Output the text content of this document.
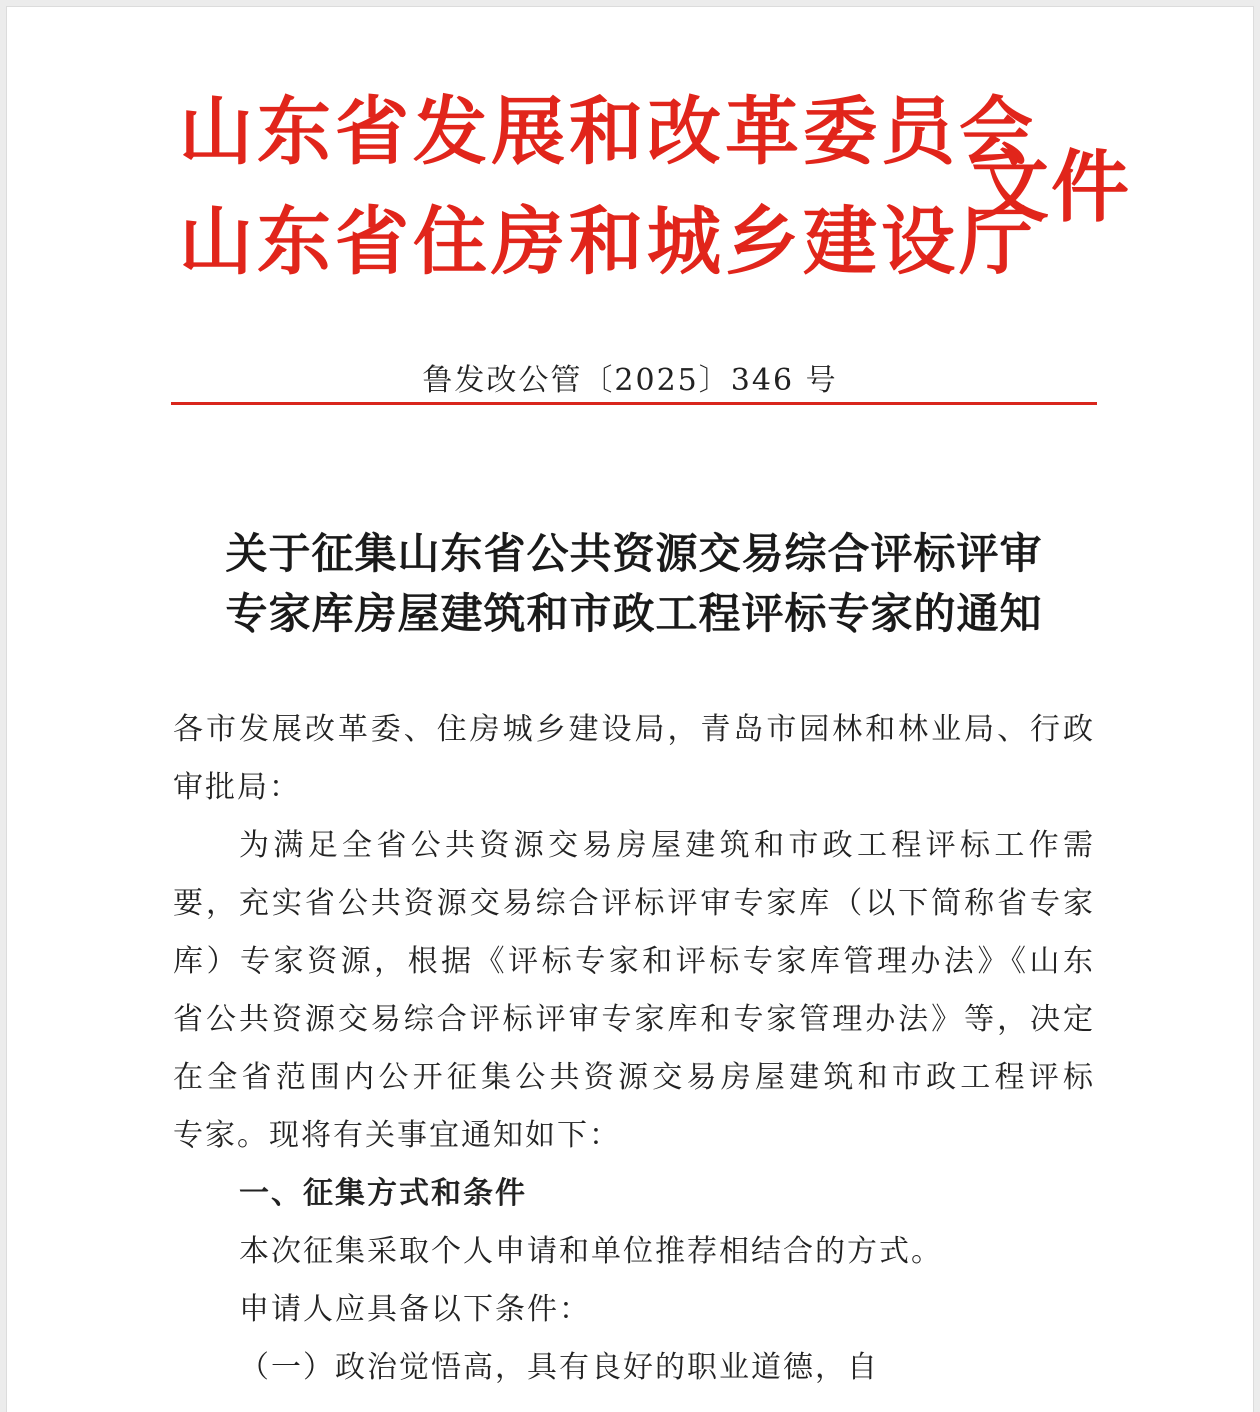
山东省发展和改革委员会
山东省住房和城乡建设厅
文件
鲁发改公管〔2025〕346 号
关于征集山东省公共资源交易综合评标评审
专家库房屋建筑和市政工程评标专家的通知
各市发展改革委、住房城乡建设局，青岛市园林和林业局、行政
审批局：
为满足全省公共资源交易房屋建筑和市政工程评标工作需
要，充实省公共资源交易综合评标评审专家库（以下简称省专家
库）专家资源，根据《评标专家和评标专家库管理办法》《山东
省公共资源交易综合评标评审专家库和专家管理办法》等，决定
在全省范围内公开征集公共资源交易房屋建筑和市政工程评标
专家。现将有关事宜通知如下：
一、征集方式和条件
本次征集采取个人申请和单位推荐相结合的方式。
申请人应具备以下条件：
（一）政治觉悟高，具有良好的职业道德，自
